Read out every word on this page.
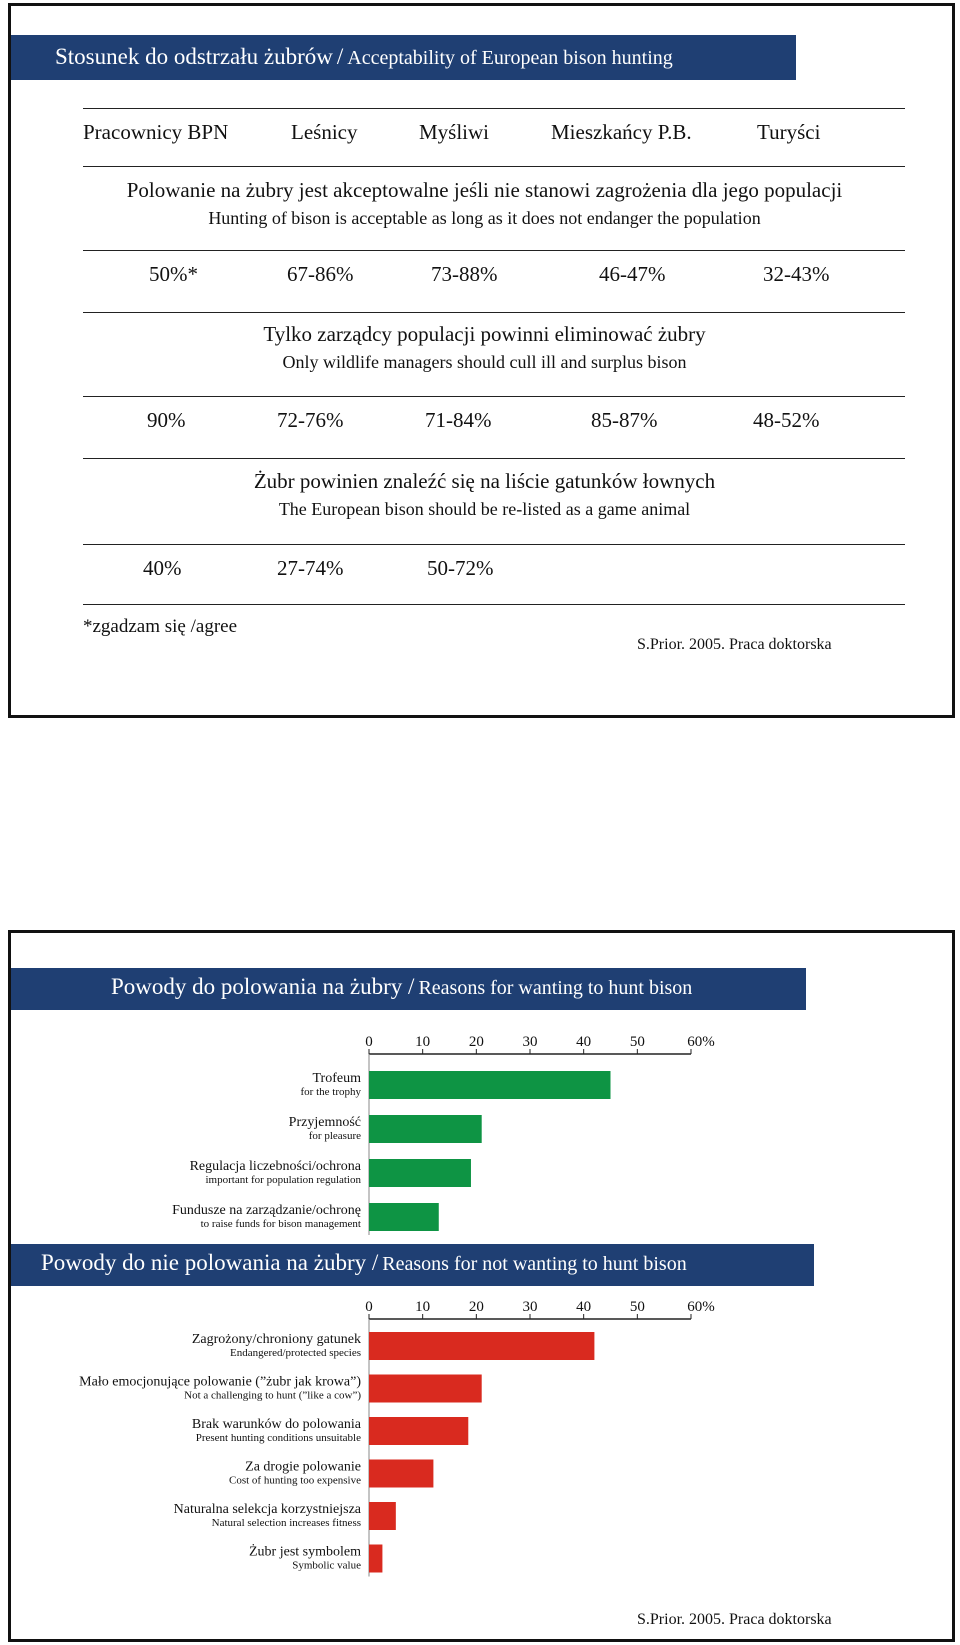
Stosunek do odstrzału żubrów / Acceptability of European bison hunting
Pracownicy BPN	Leśnicy	Myśliwi	Mieszkańcy P.B.	Turyści
Polowanie na żubry jest akceptowalne jeśli nie stanowi zagrożenia dla jego populacji
Hunting of bison is acceptable as long as it does not endanger the population
50%*	67-86%	73-88%	46-47%	32-43%
Tylko zarządcy populacji powinni eliminować żubry
Only wildlife managers should cull ill and surplus bison
90%	72-76%	71-84%	85-87%	48-52%
Żubr powinien znaleźć się na liście gatunków łownych
The European bison should be re-listed as a game animal
40%	27-74%	50-72%
*zgadzam się /agree
S.Prior. 2005. Praca doktorska
Powody do polowania na żubry / Reasons for wanting to hunt bison
0	10	20	30	40	50	60%
Trofeum
for the trophy
Przyjemność
for pleasure
Regulacja liczebności/ochrona
important for population regulation
Fundusze na zarządzanie/ochronę
to raise funds for bison management
Powody do nie polowania na żubry / Reasons for not wanting to hunt bison
0	10	20	30	40	50	60%
Zagrożony/chroniony gatunek
Endangered/protected species
Mało emocjonujące polowanie (”żubr jak krowa”)
Not a challenging to hunt (”like a cow”)
Brak warunków do polowania
Present hunting conditions unsuitable
Za drogie polowanie
Cost of hunting too expensive
Naturalna selekcja korzystniejsza
Natural selection increases fitness
Żubr jest symbolem
Symbolic value
S.Prior. 2005. Praca doktorska
